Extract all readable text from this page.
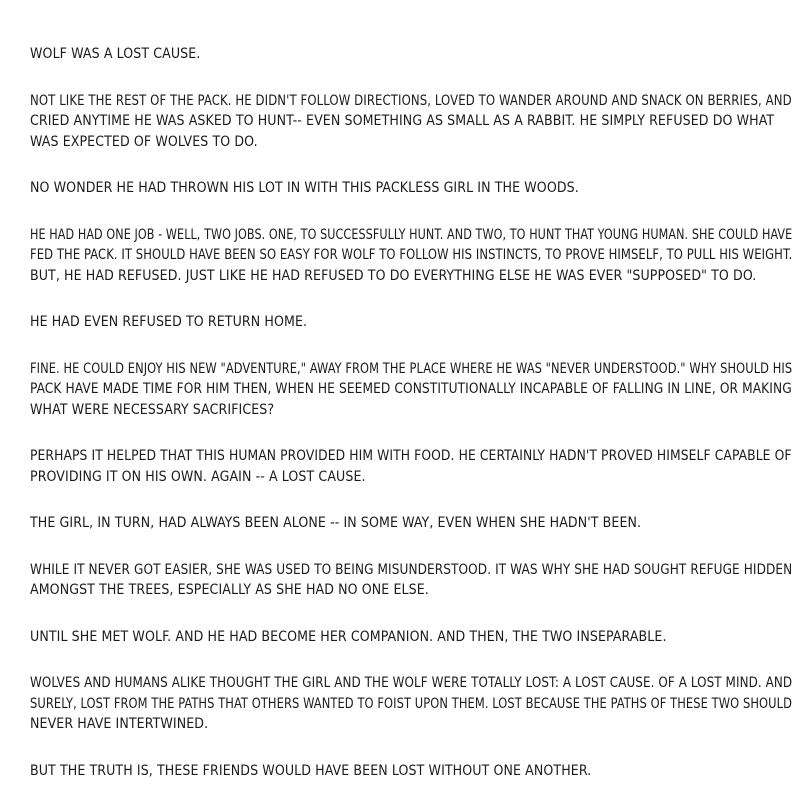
WOLF WAS A LOST CAUSE.
NOT LIKE THE REST OF THE PACK. HE DIDN'T FOLLOW DIRECTIONS, LOVED TO WANDER AROUND AND SNACK ON BERRIES, AND
CRIED ANYTIME HE WAS ASKED TO HUNT-- EVEN SOMETHING AS SMALL AS A RABBIT. HE SIMPLY REFUSED DO WHAT
WAS EXPECTED OF WOLVES TO DO.
NO WONDER HE HAD THROWN HIS LOT IN WITH THIS PACKLESS GIRL IN THE WOODS.
HE HAD HAD ONE JOB - WELL, TWO JOBS. ONE, TO SUCCESSFULLY HUNT. AND TWO, TO HUNT THAT YOUNG HUMAN. SHE COULD HAVE
FED THE PACK. IT SHOULD HAVE BEEN SO EASY FOR WOLF TO FOLLOW HIS INSTINCTS, TO PROVE HIMSELF, TO PULL HIS WEIGHT.
BUT, HE HAD REFUSED. JUST LIKE HE HAD REFUSED TO DO EVERYTHING ELSE HE WAS EVER "SUPPOSED" TO DO.
HE HAD EVEN REFUSED TO RETURN HOME.
FINE. HE COULD ENJOY HIS NEW "ADVENTURE," AWAY FROM THE PLACE WHERE HE WAS "NEVER UNDERSTOOD." WHY SHOULD HIS
PACK HAVE MADE TIME FOR HIM THEN, WHEN HE SEEMED CONSTITUTIONALLY INCAPABLE OF FALLING IN LINE, OR MAKING
WHAT WERE NECESSARY SACRIFICES?
PERHAPS IT HELPED THAT THIS HUMAN PROVIDED HIM WITH FOOD. HE CERTAINLY HADN'T PROVED HIMSELF CAPABLE OF
PROVIDING IT ON HIS OWN. AGAIN -- A LOST CAUSE.
THE GIRL, IN TURN, HAD ALWAYS BEEN ALONE -- IN SOME WAY, EVEN WHEN SHE HADN'T BEEN.
WHILE IT NEVER GOT EASIER, SHE WAS USED TO BEING MISUNDERSTOOD. IT WAS WHY SHE HAD SOUGHT REFUGE HIDDEN
AMONGST THE TREES, ESPECIALLY AS SHE HAD NO ONE ELSE.
UNTIL SHE MET WOLF. AND HE HAD BECOME HER COMPANION. AND THEN, THE TWO INSEPARABLE.
WOLVES AND HUMANS ALIKE THOUGHT THE GIRL AND THE WOLF WERE TOTALLY LOST: A LOST CAUSE. OF A LOST MIND. AND
SURELY, LOST FROM THE PATHS THAT OTHERS WANTED TO FOIST UPON THEM. LOST BECAUSE THE PATHS OF THESE TWO SHOULD
NEVER HAVE INTERTWINED.
BUT THE TRUTH IS, THESE FRIENDS WOULD HAVE BEEN LOST WITHOUT ONE ANOTHER.
